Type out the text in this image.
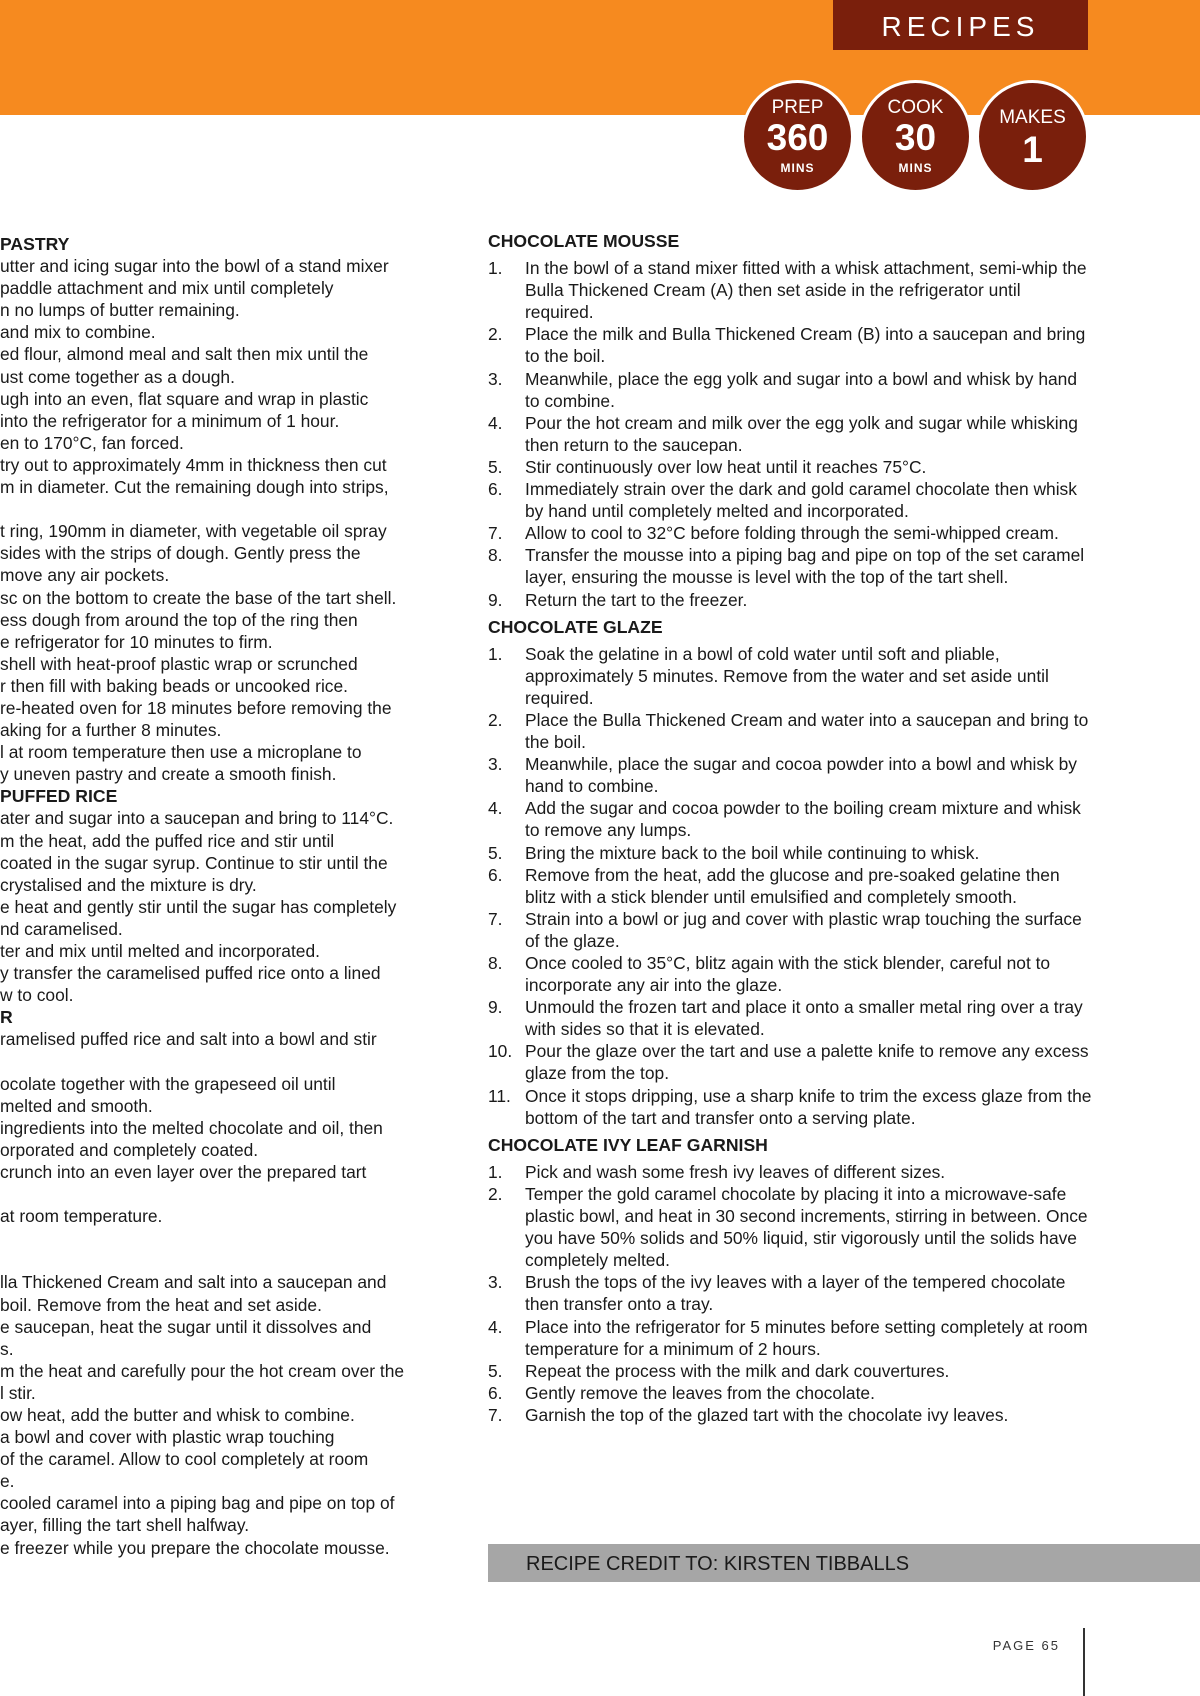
RECIPES
PREP
360
MINS
COOK
30
MINS
MAKES
1
PASTRY
utter and icing sugar into the bowl of a stand mixer
paddle attachment and mix until completely
n no lumps of butter remaining.
and mix to combine.
ed flour, almond meal and salt then mix until the
ust come together as a dough.
ugh into an even, flat square and wrap in plastic
into the refrigerator for a minimum of 1 hour.
en to 170°C, fan forced.
try out to approximately 4mm in thickness then cut
m in diameter. Cut the remaining dough into strips,

t ring, 190mm in diameter, with vegetable oil spray
sides with the strips of dough. Gently press the
move any air pockets.
sc on the bottom to create the base of the tart shell.
ess dough from around the top of the ring then
e refrigerator for 10 minutes to firm.
shell with heat-proof plastic wrap or scrunched
r then fill with baking beads or uncooked rice.
re-heated oven for 18 minutes before removing the
aking for a further 8 minutes.
l at room temperature then use a microplane to
y uneven pastry and create a smooth finish.
PUFFED RICE
ater and sugar into a saucepan and bring to 114°C.
m the heat, add the puffed rice and stir until
coated in the sugar syrup. Continue to stir until the
crystalised and the mixture is dry.
e heat and gently stir until the sugar has completely
nd caramelised.
ter and mix until melted and incorporated.
y transfer the caramelised puffed rice onto a lined
w to cool.
R
ramelised puffed rice and salt into a bowl and stir

ocolate together with the grapeseed oil until
melted and smooth.
ingredients into the melted chocolate and oil, then
orporated and completely coated.
crunch into an even layer over the prepared tart

at room temperature.

lla Thickened Cream and salt into a saucepan and
boil. Remove from the heat and set aside.
e saucepan, heat the sugar until it dissolves and
s.
m the heat and carefully pour the hot cream over the
l stir.
ow heat, add the butter and whisk to combine.
a bowl and cover with plastic wrap touching
of the caramel. Allow to cool completely at room
e.
cooled caramel into a piping bag and pipe on top of
ayer, filling the tart shell halfway.
e freezer while you prepare the chocolate mousse.
CHOCOLATE MOUSSE
1. In the bowl of a stand mixer fitted with a whisk attachment, semi-whip the Bulla Thickened Cream (A) then set aside in the refrigerator until required.
2. Place the milk and Bulla Thickened Cream (B) into a saucepan and bring to the boil.
3. Meanwhile, place the egg yolk and sugar into a bowl and whisk by hand to combine.
4. Pour the hot cream and milk over the egg yolk and sugar while whisking then return to the saucepan.
5. Stir continuously over low heat until it reaches 75°C.
6. Immediately strain over the dark and gold caramel chocolate then whisk by hand until completely melted and incorporated.
7. Allow to cool to 32°C before folding through the semi-whipped cream.
8. Transfer the mousse into a piping bag and pipe on top of the set caramel layer, ensuring the mousse is level with the top of the tart shell.
9. Return the tart to the freezer.
CHOCOLATE GLAZE
1. Soak the gelatine in a bowl of cold water until soft and pliable, approximately 5 minutes. Remove from the water and set aside until required.
2. Place the Bulla Thickened Cream and water into a saucepan and bring to the boil.
3. Meanwhile, place the sugar and cocoa powder into a bowl and whisk by hand to combine.
4. Add the sugar and cocoa powder to the boiling cream mixture and whisk to remove any lumps.
5. Bring the mixture back to the boil while continuing to whisk.
6. Remove from the heat, add the glucose and pre-soaked gelatine then blitz with a stick blender until emulsified and completely smooth.
7. Strain into a bowl or jug and cover with plastic wrap touching the surface of the glaze.
8. Once cooled to 35°C, blitz again with the stick blender, careful not to incorporate any air into the glaze.
9. Unmould the frozen tart and place it onto a smaller metal ring over a tray with sides so that it is elevated.
10. Pour the glaze over the tart and use a palette knife to remove any excess glaze from the top.
11. Once it stops dripping, use a sharp knife to trim the excess glaze from the bottom of the tart and transfer onto a serving plate.
CHOCOLATE IVY LEAF GARNISH
1. Pick and wash some fresh ivy leaves of different sizes.
2. Temper the gold caramel chocolate by placing it into a microwave-safe plastic bowl, and heat in 30 second increments, stirring in between. Once you have 50% solids and 50% liquid, stir vigorously until the solids have completely melted.
3. Brush the tops of the ivy leaves with a layer of the tempered chocolate then transfer onto a tray.
4. Place into the refrigerator for 5 minutes before setting completely at room temperature for a minimum of 2 hours.
5. Repeat the process with the milk and dark couvertures.
6. Gently remove the leaves from the chocolate.
7. Garnish the top of the glazed tart with the chocolate ivy leaves.
RECIPE CREDIT TO: KIRSTEN TIBBALLS
PAGE 65
